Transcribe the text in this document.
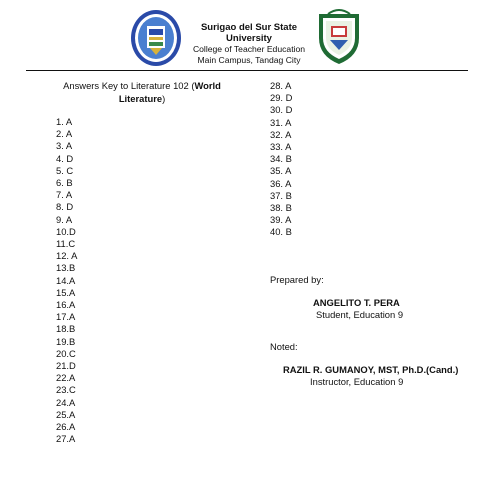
Surigao del Sur State University
College of Teacher Education
Main Campus, Tandag City
Answers Key to Literature 102 (World
Literature)
1. A
2. A
3. A
4. D
5. C
6. B
7. A
8. D
9. A
10.D
11.C
12. A
13.B
14.A
15.A
16.A
17.A
18.B
19.B
20.C
21.D
22.A
23.C
24.A
25.A
26.A
27.A
28. A
29. D
30. D
31. A
32. A
33. A
34. B
35. A
36. A
37. B
38. B
39. A
40. B
Prepared by:
ANGELITO T. PERA
Student, Education 9
Noted:
RAZIL R. GUMANOY, MST, Ph.D.(Cand.)
Instructor, Education 9
